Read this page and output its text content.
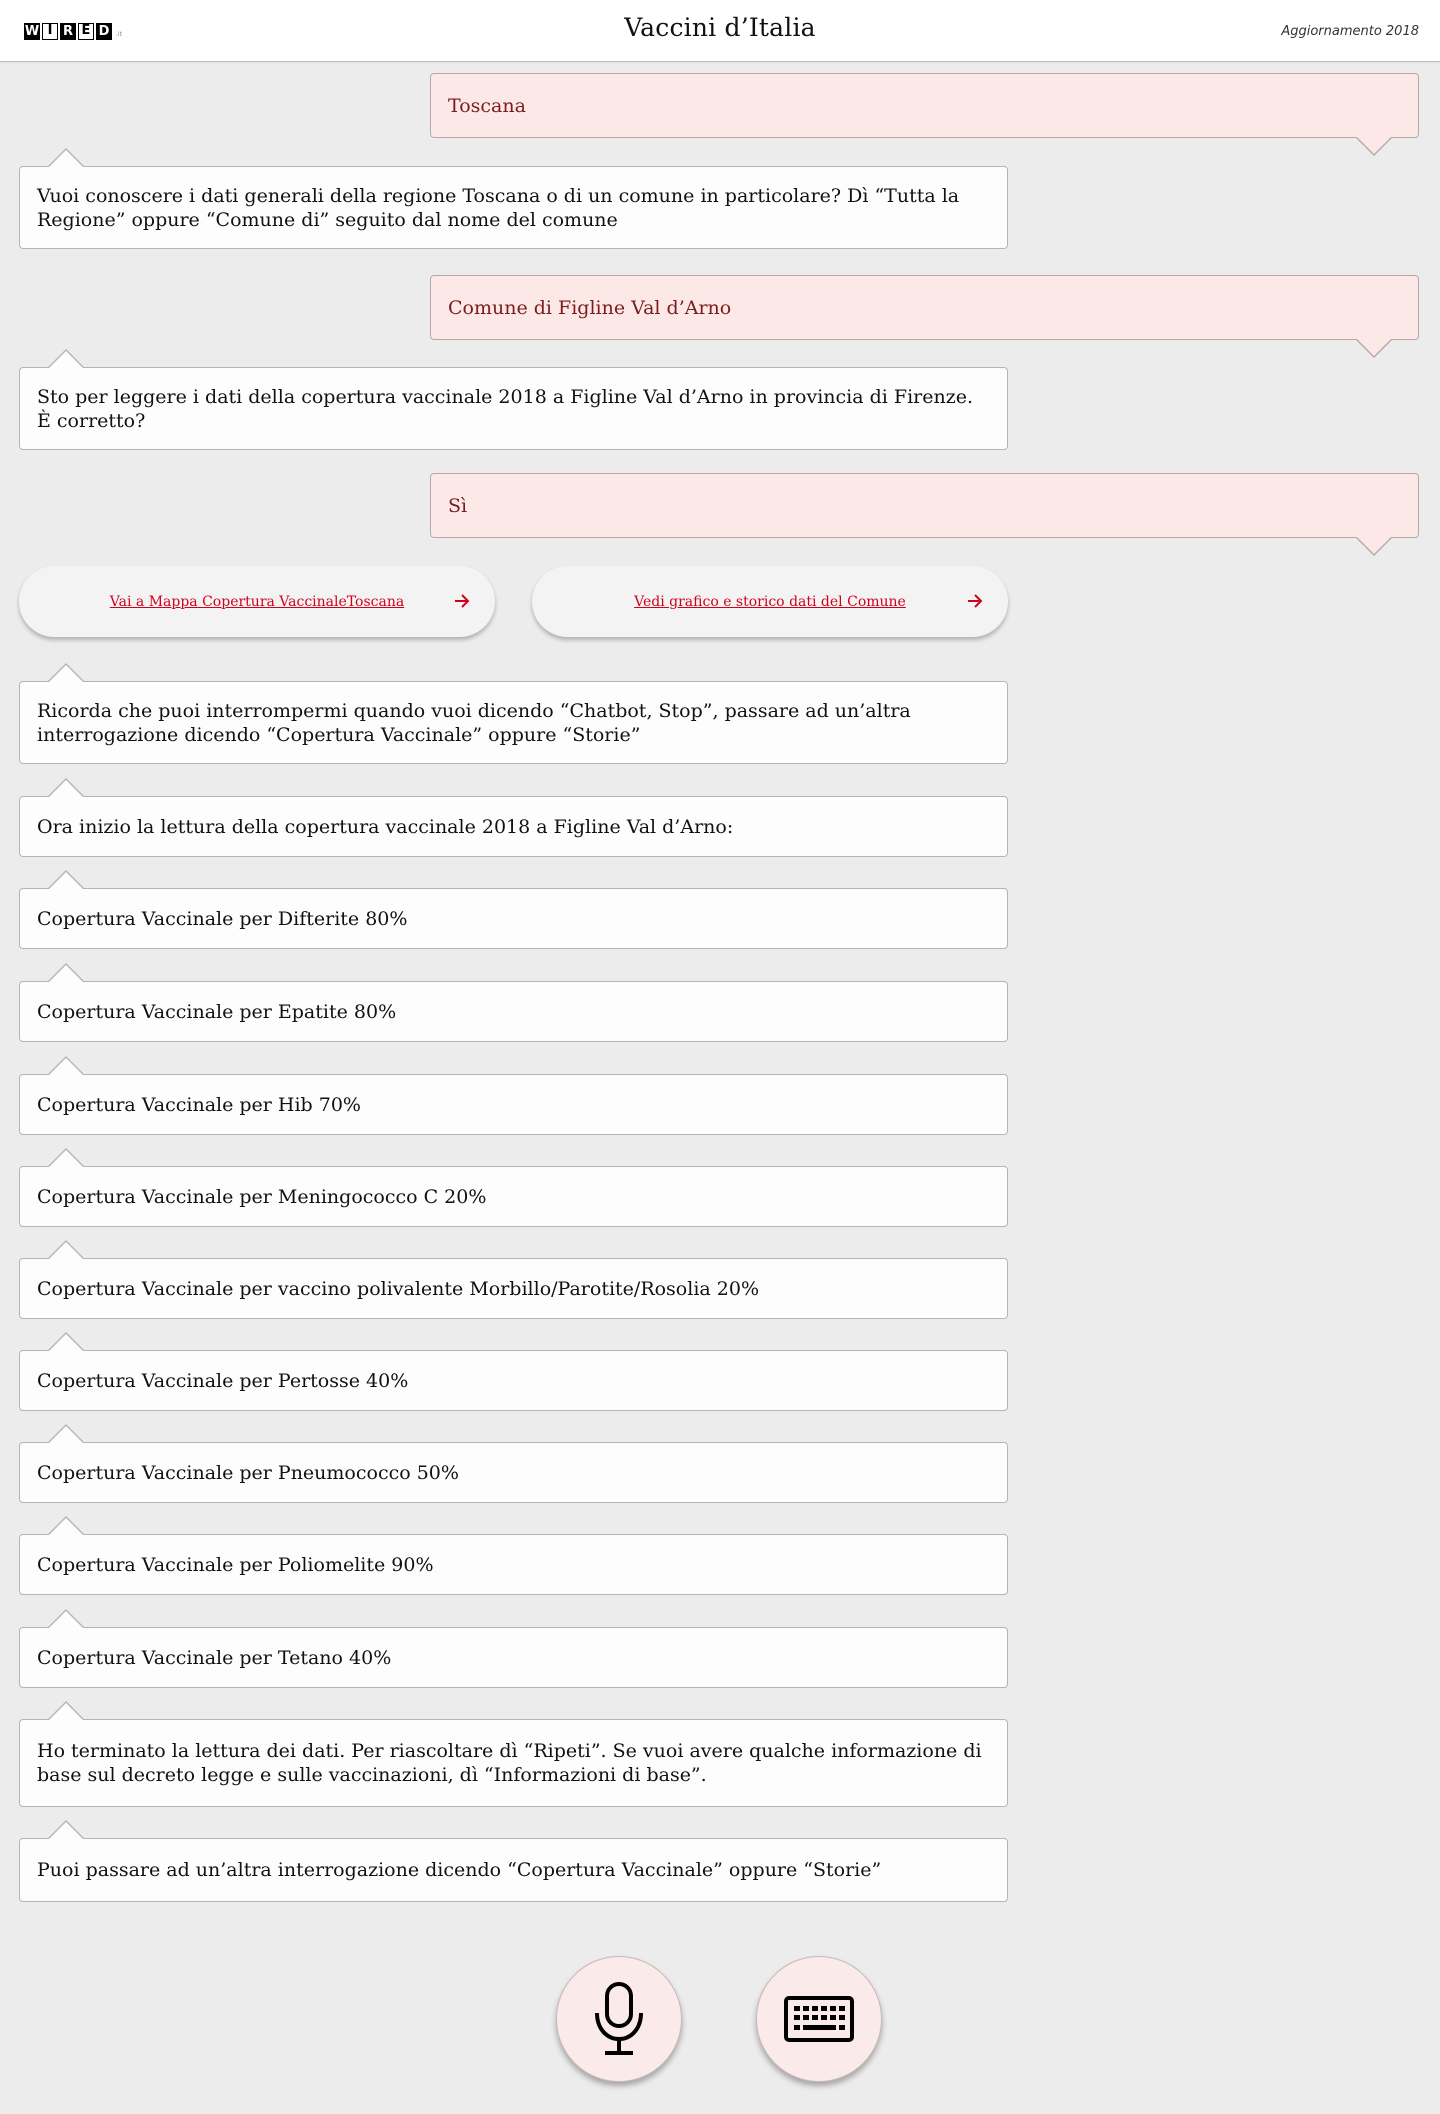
W I R E D	.it	Vaccini d’Italia	Aggiornamento 2018
Toscana
Vuoi conoscere i dati generali della regione Toscana o di un comune in particolare? Dì “Tutta la Regione” oppure “Comune di” seguito dal nome del comune
Comune di Figline Val d’Arno
Sto per leggere i dati della copertura vaccinale 2018 a Figline Val d’Arno in provincia di Firenze. È corretto?
Sì
Vai a Mappa Copertura VaccinaleToscana	Vedi grafico e storico dati del Comune
Ricorda che puoi interrompermi quando vuoi dicendo “Chatbot, Stop”, passare ad un’altra interrogazione dicendo “Copertura Vaccinale” oppure “Storie”
Ora inizio la lettura della copertura vaccinale 2018 a Figline Val d’Arno:
Copertura Vaccinale per Difterite 80%
Copertura Vaccinale per Epatite 80%
Copertura Vaccinale per Hib 70%
Copertura Vaccinale per Meningococco C 20%
Copertura Vaccinale per vaccino polivalente Morbillo/Parotite/Rosolia 20%
Copertura Vaccinale per Pertosse 40%
Copertura Vaccinale per Pneumococco 50%
Copertura Vaccinale per Poliomelite 90%
Copertura Vaccinale per Tetano 40%
Ho terminato la lettura dei dati. Per riascoltare dì “Ripeti”. Se vuoi avere qualche informazione di base sul decreto legge e sulle vaccinazioni, dì “Informazioni di base”.
Puoi passare ad un’altra interrogazione dicendo “Copertura Vaccinale” oppure “Storie”
